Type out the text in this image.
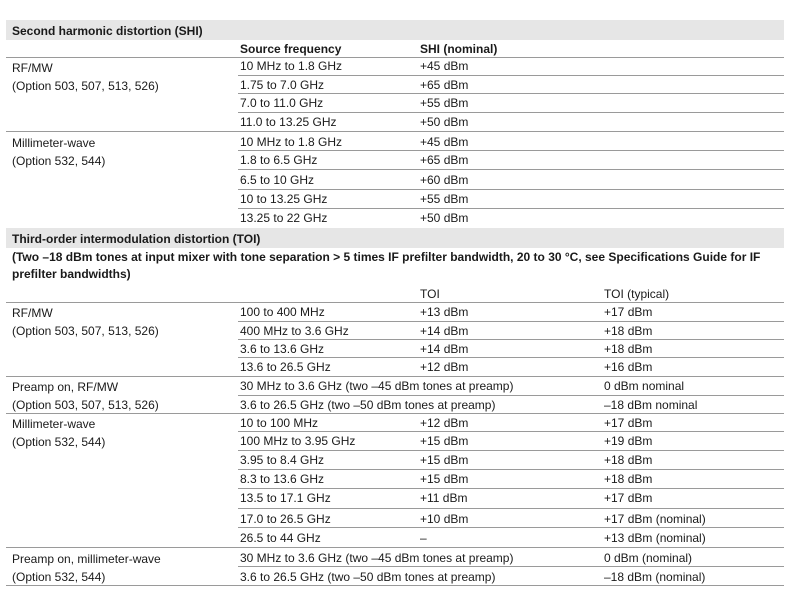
Second harmonic distortion (SHI)
Source frequency	SHI (nominal)
RF/MW
(Option 503, 507, 513, 526)
10 MHz to 1.8 GHz	+45 dBm
1.75 to 7.0 GHz	+65 dBm
7.0 to 11.0 GHz	+55 dBm
11.0 to 13.25 GHz	+50 dBm
Millimeter-wave
(Option 532, 544)
10 MHz to 1.8 GHz	+45 dBm
1.8 to 6.5 GHz	+65 dBm
6.5 to 10 GHz	+60 dBm
10 to 13.25 GHz	+55 dBm
13.25 to 22 GHz	+50 dBm
Third-order intermodulation distortion (TOI)
(Two –18 dBm tones at input mixer with tone separation > 5 times IF prefilter bandwidth, 20 to 30 °C, see Specifications Guide for IF prefilter bandwidths)
TOI	TOI (typical)
RF/MW
(Option 503, 507, 513, 526)
100 to 400 MHz	+13 dBm	+17 dBm
400 MHz to 3.6 GHz	+14 dBm	+18 dBm
3.6 to 13.6 GHz	+14 dBm	+18 dBm
13.6 to 26.5 GHz	+12 dBm	+16 dBm
Preamp on, RF/MW
(Option 503, 507, 513, 526)
30 MHz to 3.6 GHz (two –45 dBm tones at preamp)	0 dBm nominal
3.6 to 26.5 GHz (two –50 dBm tones at preamp)	–18 dBm nominal
Millimeter-wave
(Option 532, 544)
10 to 100 MHz	+12 dBm	+17 dBm
100 MHz to 3.95 GHz	+15 dBm	+19 dBm
3.95 to 8.4 GHz	+15 dBm	+18 dBm
8.3 to 13.6 GHz	+15 dBm	+18 dBm
13.5 to 17.1 GHz	+11 dBm	+17 dBm
17.0 to 26.5 GHz	+10 dBm	+17 dBm (nominal)
26.5 to 44 GHz	–	+13 dBm (nominal)
Preamp on, millimeter-wave
(Option 532, 544)
30 MHz to 3.6 GHz (two –45 dBm tones at preamp)	0 dBm (nominal)
3.6 to 26.5 GHz (two –50 dBm tones at preamp)	–18 dBm (nominal)
